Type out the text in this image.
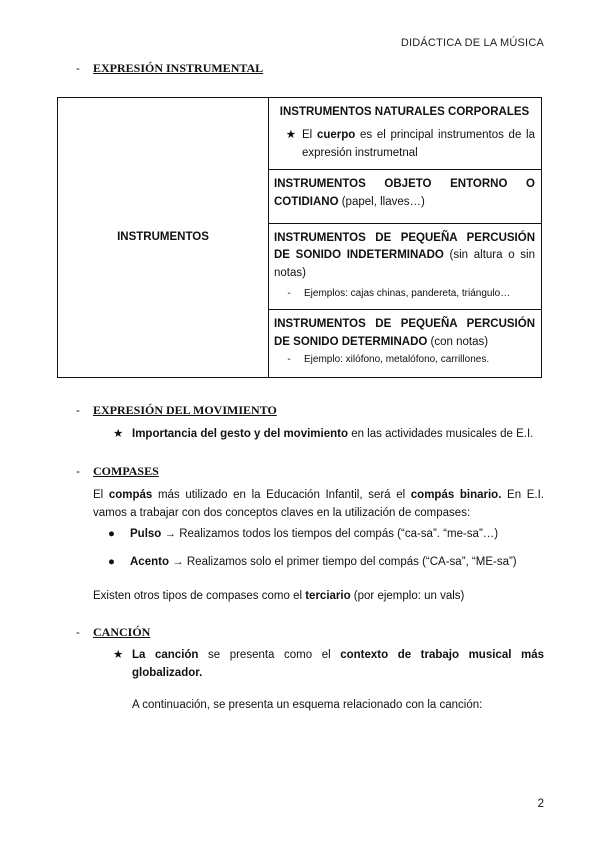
DIDÁCTICA DE LA MÚSICA
-	EXPRESIÓN INSTRUMENTAL
INSTRUMENTOS	
INSTRUMENTOS NATURALES CORPORALES
★ El cuerpo es el principal instrumentos de la expresión instrumetnal

INSTRUMENTOS OBJETO ENTORNO O COTIDIANO (papel, llaves…)

INSTRUMENTOS DE PEQUEÑA PERCUSIÓN DE SONIDO INDETERMINADO (sin altura o sin notas)
-	Ejemplos: cajas chinas, pandereta, triángulo…

INSTRUMENTOS DE PEQUEÑA PERCUSIÓN DE SONIDO DETERMINADO (con notas)
-	Ejemplo: xilófono, metalófono, carrillones.
-	EXPRESIÓN DEL MOVIMIENTO
★ Importancia del gesto y del movimiento en las actividades musicales de E.I.
-	COMPASES
El compás más utilizado en la Educación Infantil, será el compás binario. En E.I. vamos a trabajar con dos conceptos claves en la utilización de compases:
●	Pulso → Realizamos todos los tiempos del compás (“ca-sa”. “me-sa”…)
●	Acento → Realizamos solo el primer tiempo del compás (“CA-sa”, “ME-sa”)
Existen otros tipos de compases como el terciario (por ejemplo: un vals)
-	CANCIÓN
★ La canción se presenta como el contexto de trabajo musical más globalizador.
A continuación, se presenta un esquema relacionado con la canción:
2
